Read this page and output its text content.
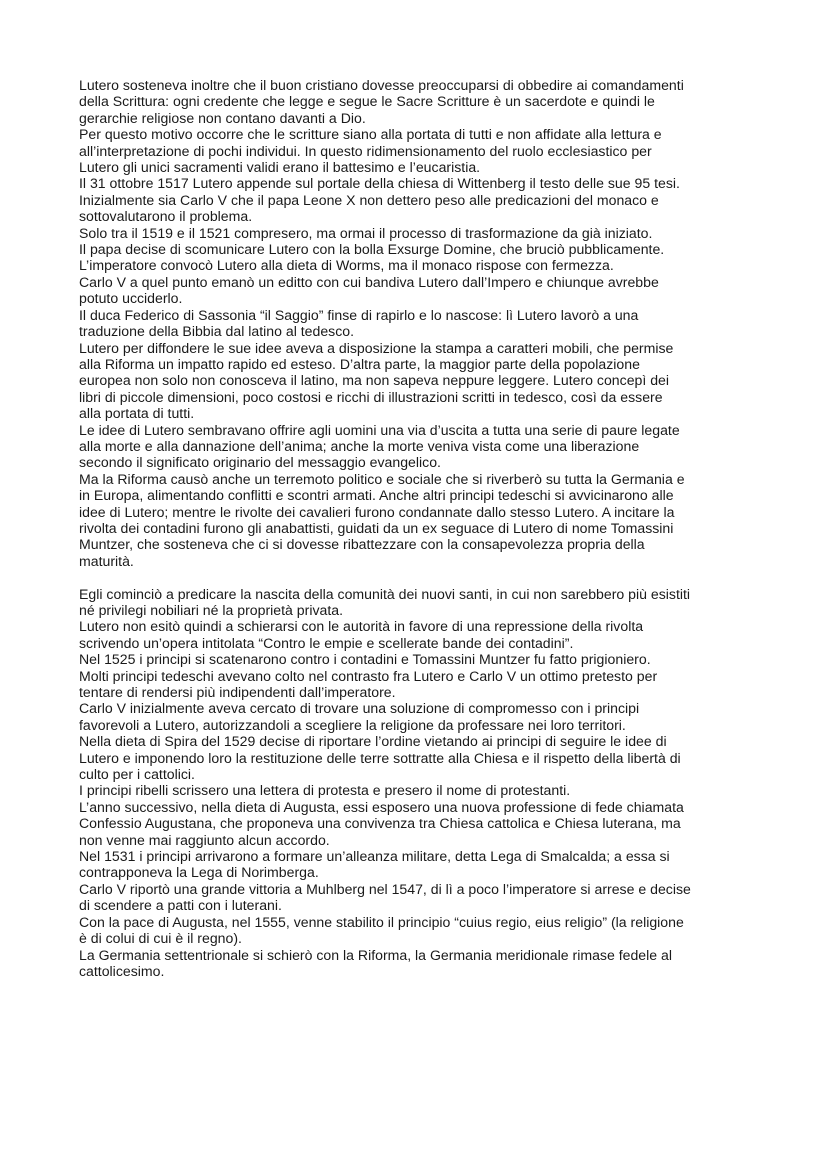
Lutero sosteneva inoltre che il buon cristiano dovesse preoccuparsi di obbedire ai comandamenti
della Scrittura: ogni credente che legge e segue le Sacre Scritture è un sacerdote e quindi le
gerarchie religiose non contano davanti a Dio.
Per questo motivo occorre che le scritture siano alla portata di tutti e non affidate alla lettura e
all’interpretazione di pochi individui. In questo ridimensionamento del ruolo ecclesiastico per
Lutero gli unici sacramenti validi erano il battesimo e l’eucaristia.
Il 31 ottobre 1517 Lutero appende sul portale della chiesa di Wittenberg il testo delle sue 95 tesi.
Inizialmente sia Carlo V che il papa Leone X non dettero peso alle predicazioni del monaco e
sottovalutarono il problema.
Solo tra il 1519 e il 1521 compresero, ma ormai il processo di trasformazione da già iniziato.
Il papa decise di scomunicare Lutero con la bolla Exsurge Domine, che bruciò pubblicamente.
L’imperatore convocò Lutero alla dieta di Worms, ma il monaco rispose con fermezza.
Carlo V a quel punto emanò un editto con cui bandiva Lutero dall’Impero e chiunque avrebbe
potuto ucciderlo.
Il duca Federico di Sassonia “il Saggio” finse di rapirlo e lo nascose: lì Lutero lavorò a una
traduzione della Bibbia dal latino al tedesco.
Lutero per diffondere le sue idee aveva a disposizione la stampa a caratteri mobili, che permise
alla Riforma un impatto rapido ed esteso. D’altra parte, la maggior parte della popolazione
europea non solo non conosceva il latino, ma non sapeva neppure leggere. Lutero concepì dei
libri di piccole dimensioni, poco costosi e ricchi di illustrazioni scritti in tedesco, così da essere
alla portata di tutti.
Le idee di Lutero sembravano offrire agli uomini una via d’uscita a tutta una serie di paure legate
alla morte e alla dannazione dell’anima; anche la morte veniva vista come una liberazione
secondo il significato originario del messaggio evangelico.
Ma la Riforma causò anche un terremoto politico e sociale che si riverberò su tutta la Germania e
in Europa, alimentando conflitti e scontri armati. Anche altri principi tedeschi si avvicinarono alle
idee di Lutero; mentre le rivolte dei cavalieri furono condannate dallo stesso Lutero. A incitare la
rivolta dei contadini furono gli anabattisti, guidati da un ex seguace di Lutero di nome Tomassini
Muntzer, che sosteneva che ci si dovesse ribattezzare con la consapevolezza propria della
maturità.
Egli cominciò a predicare la nascita della comunità dei nuovi santi, in cui non sarebbero più esistiti
né privilegi nobiliari né la proprietà privata.
Lutero non esitò quindi a schierarsi con le autorità in favore di una repressione della rivolta
scrivendo un’opera intitolata “Contro le empie e scellerate bande dei contadini”.
Nel 1525 i principi si scatenarono contro i contadini e Tomassini Muntzer fu fatto prigioniero.
Molti principi tedeschi avevano colto nel contrasto fra Lutero e Carlo V un ottimo pretesto per
tentare di rendersi più indipendenti dall’imperatore.
Carlo V inizialmente aveva cercato di trovare una soluzione di compromesso con i principi
favorevoli a Lutero, autorizzandoli a scegliere la religione da professare nei loro territori.
Nella dieta di Spira del 1529 decise di riportare l’ordine vietando ai principi di seguire le idee di
Lutero e imponendo loro la restituzione delle terre sottratte alla Chiesa e il rispetto della libertà di
culto per i cattolici.
I principi ribelli scrissero una lettera di protesta e presero il nome di protestanti.
L’anno successivo, nella dieta di Augusta, essi esposero una nuova professione di fede chiamata
Confessio Augustana, che proponeva una convivenza tra Chiesa cattolica e Chiesa luterana, ma
non venne mai raggiunto alcun accordo.
Nel 1531 i principi arrivarono a formare un’alleanza militare, detta Lega di Smalcalda; a essa si
contrapponeva la Lega di Norimberga.
Carlo V riportò una grande vittoria a Muhlberg nel 1547, di lì a poco l’imperatore si arrese e decise
di scendere a patti con i luterani.
Con la pace di Augusta, nel 1555, venne stabilito il principio “cuius regio, eius religio” (la religione
è di colui di cui è il regno).
La Germania settentrionale si schierò con la Riforma, la Germania meridionale rimase fedele al
cattolicesimo.
